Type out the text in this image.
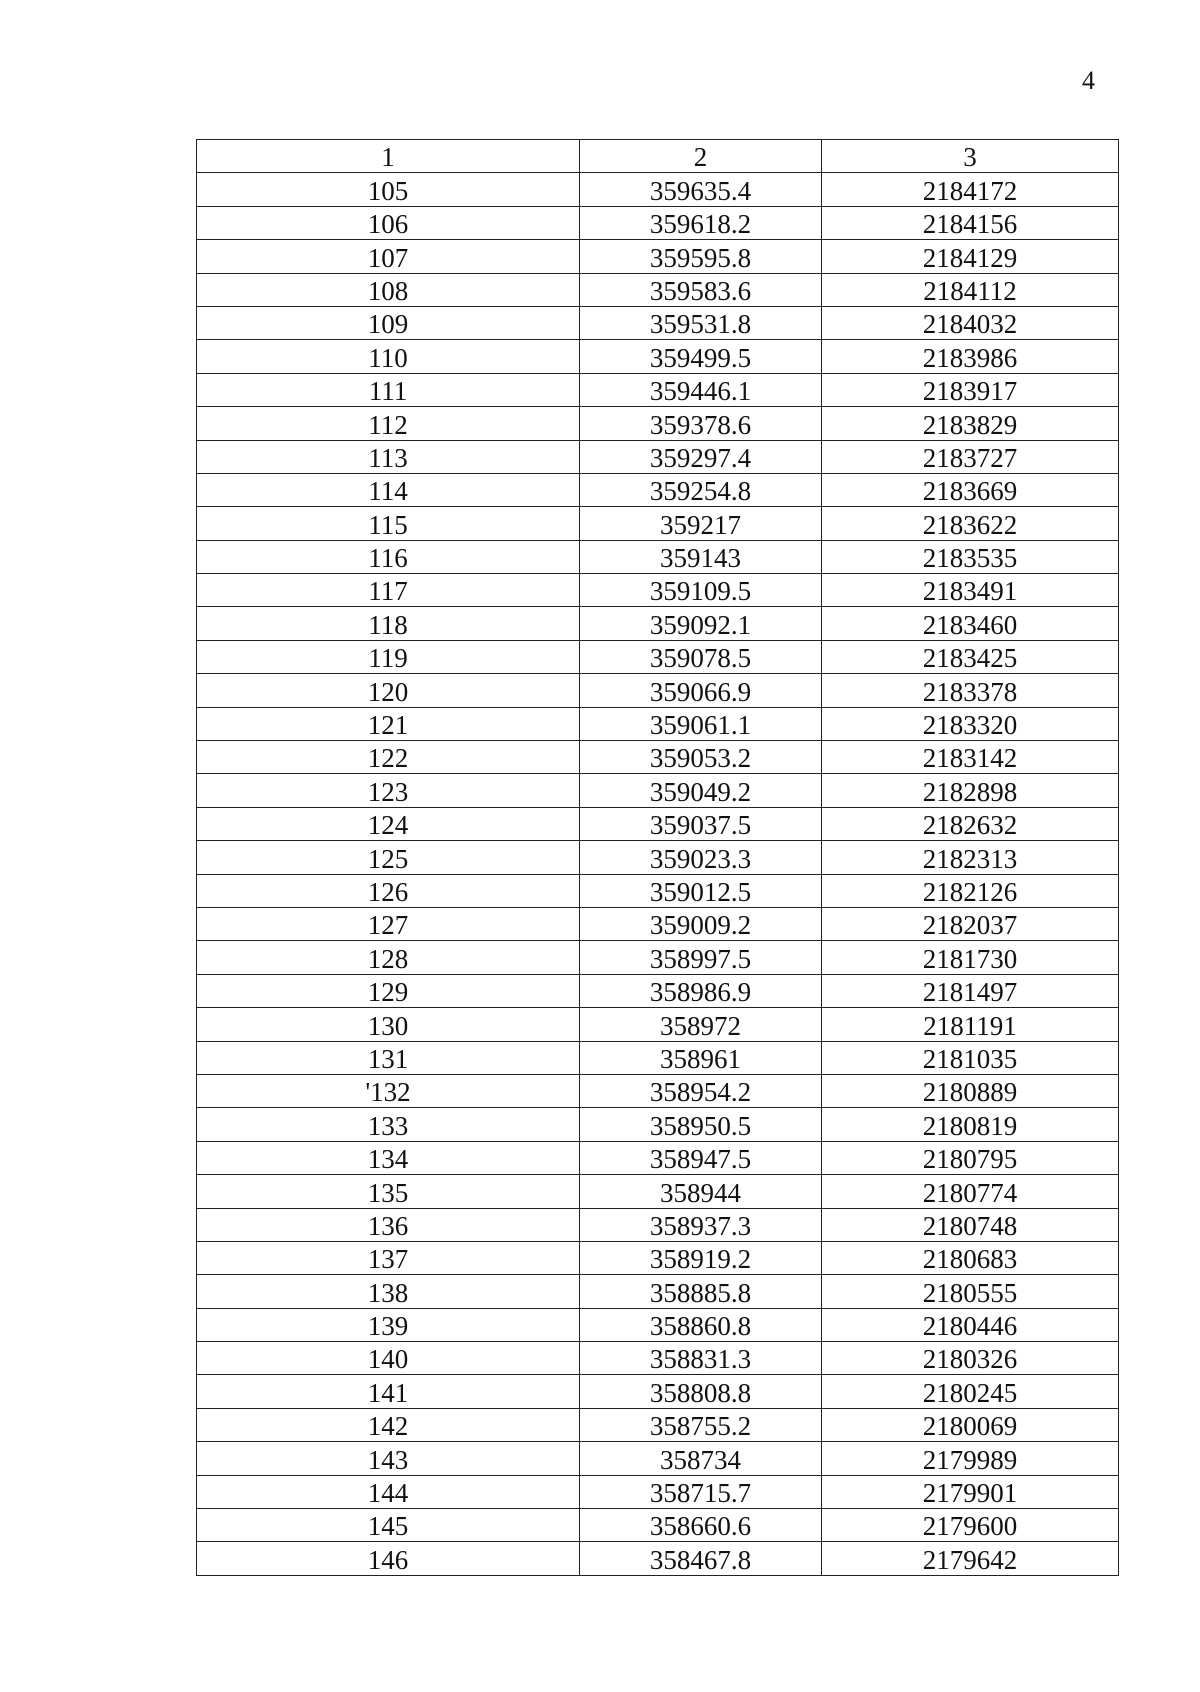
4
1	2	3
105	359635.4	2184172
106	359618.2	2184156
107	359595.8	2184129
108	359583.6	2184112
109	359531.8	2184032
110	359499.5	2183986
111	359446.1	2183917
112	359378.6	2183829
113	359297.4	2183727
114	359254.8	2183669
115	359217	2183622
116	359143	2183535
117	359109.5	2183491
118	359092.1	2183460
119	359078.5	2183425
120	359066.9	2183378
121	359061.1	2183320
122	359053.2	2183142
123	359049.2	2182898
124	359037.5	2182632
125	359023.3	2182313
126	359012.5	2182126
127	359009.2	2182037
128	358997.5	2181730
129	358986.9	2181497
130	358972	2181191
131	358961	2181035
'132	358954.2	2180889
133	358950.5	2180819
134	358947.5	2180795
135	358944	2180774
136	358937.3	2180748
137	358919.2	2180683
138	358885.8	2180555
139	358860.8	2180446
140	358831.3	2180326
141	358808.8	2180245
142	358755.2	2180069
143	358734	2179989
144	358715.7	2179901
145	358660.6	2179600
146	358467.8	2179642
